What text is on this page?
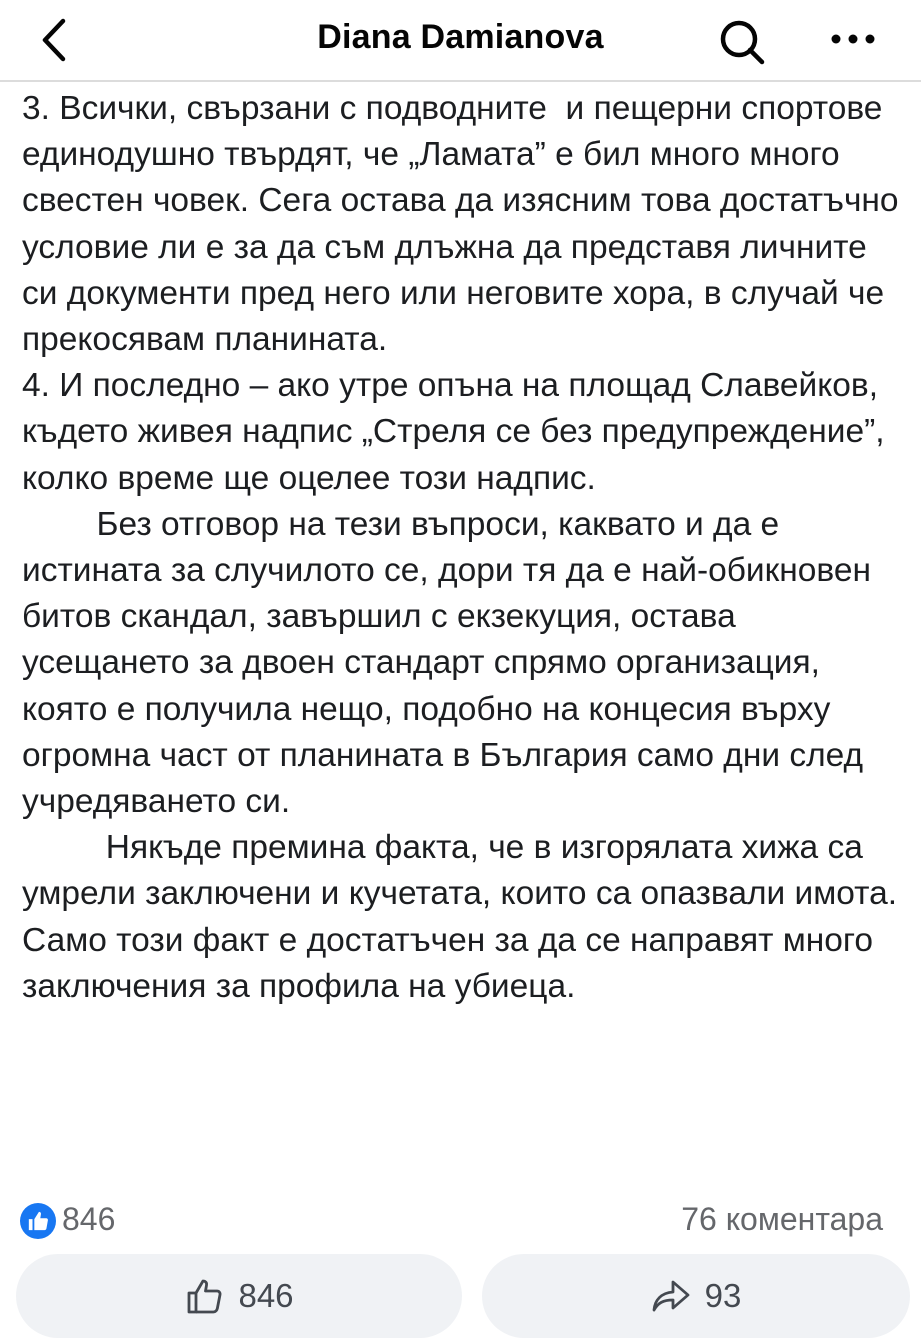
Diana Damianova

3. Всички, свързани с подводните  и пещерни спортове единодушно твърдят, че „Ламата” е бил много много свестен човек. Сега остава да изясним това достатъчно условие ли е за да съм длъжна да представя личните си документи пред него или неговите хора, в случай че прекосявам планината.

4. И последно – ако утре опъна на площад Славейков, където живея надпис „Стреля се без предупреждение”, колко време ще оцелее този надпис.

Без отговор на тези въпроси, каквато и да е истината за случилото се, дори тя да е най-обикновен битов скандал, завършил с екзекуция, остава усещането за двоен стандарт спрямо организация, която е получила нещо, подобно на концесия върху огромна част от планината в България само дни след учредяването си.

Някъде премина факта, че в изгорялата хижа са умрели заключени и кучетата, които са опазвали имота. Само този факт е достатъчен за да се направят много заключения за профила на убиеца.

846	76 коментара
846	93
